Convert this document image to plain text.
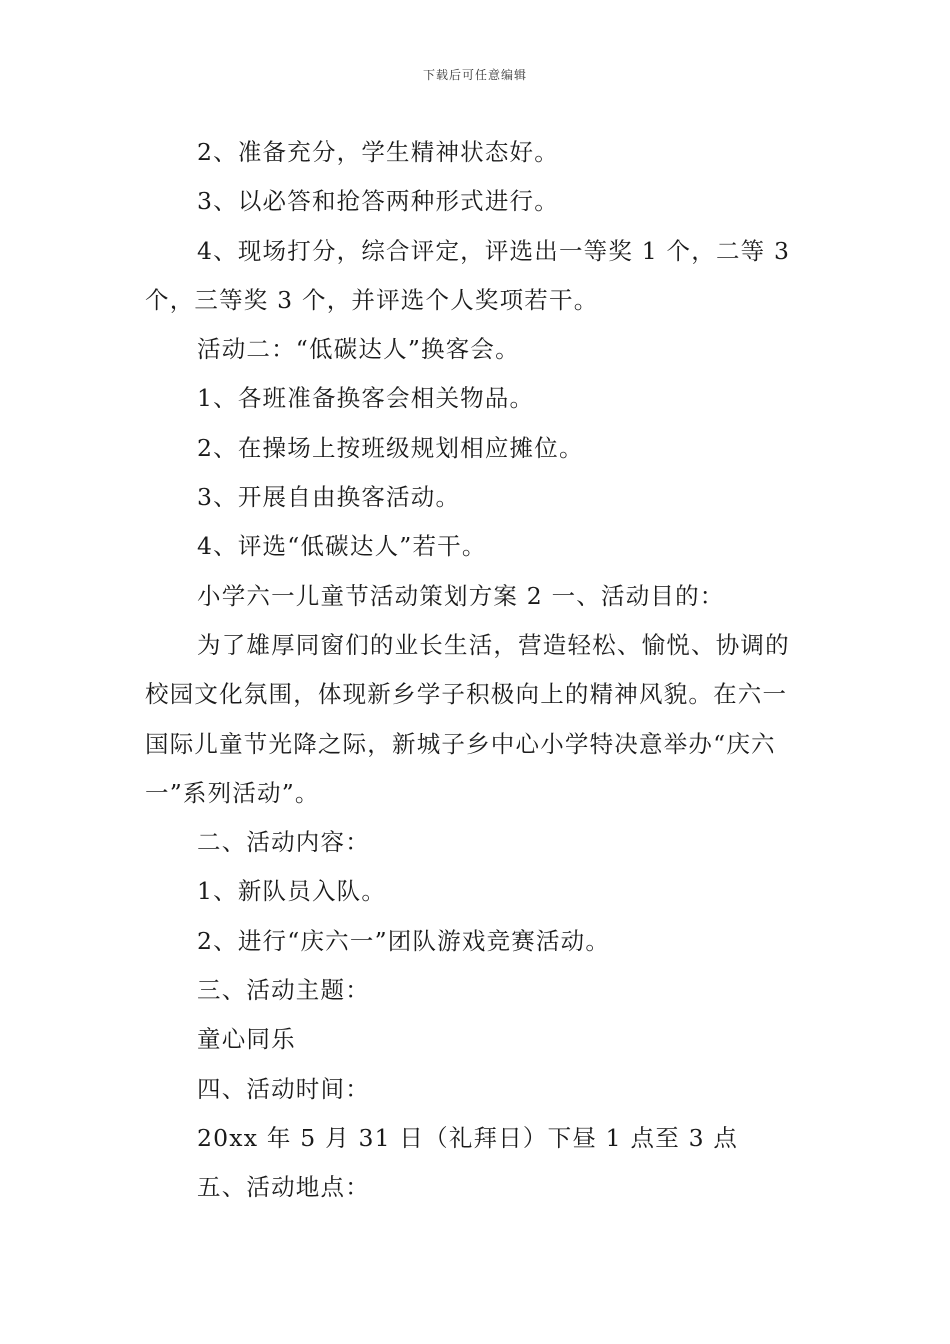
下载后可任意编辑

2、准备充分，学生精神状态好。

3、以必答和抢答两种形式进行。

4、现场打分，综合评定，评选出一等奖 1 个，二等 3 个，三等奖 3 个，并评选个人奖项若干。

活动二：“低碳达人”换客会。

1、各班准备换客会相关物品。

2、在操场上按班级规划相应摊位。

3、开展自由换客活动。

4、评选“低碳达人”若干。

小学六一儿童节活动策划方案 2 一、活动目的：

为了雄厚同窗们的业长生活，营造轻松、愉悦、协调的校园文化氛围，体现新乡学子积极向上的精神风貌。在六一国际儿童节光降之际，新城子乡中心小学特决意举办“庆六一”系列活动”。

二、活动内容：

1、新队员入队。

2、进行“庆六一”团队游戏竞赛活动。

三、活动主题：

童心同乐

四、活动时间：

20xx 年 5 月 31 日（礼拜日）下昼 1 点至 3 点

五、活动地点：
